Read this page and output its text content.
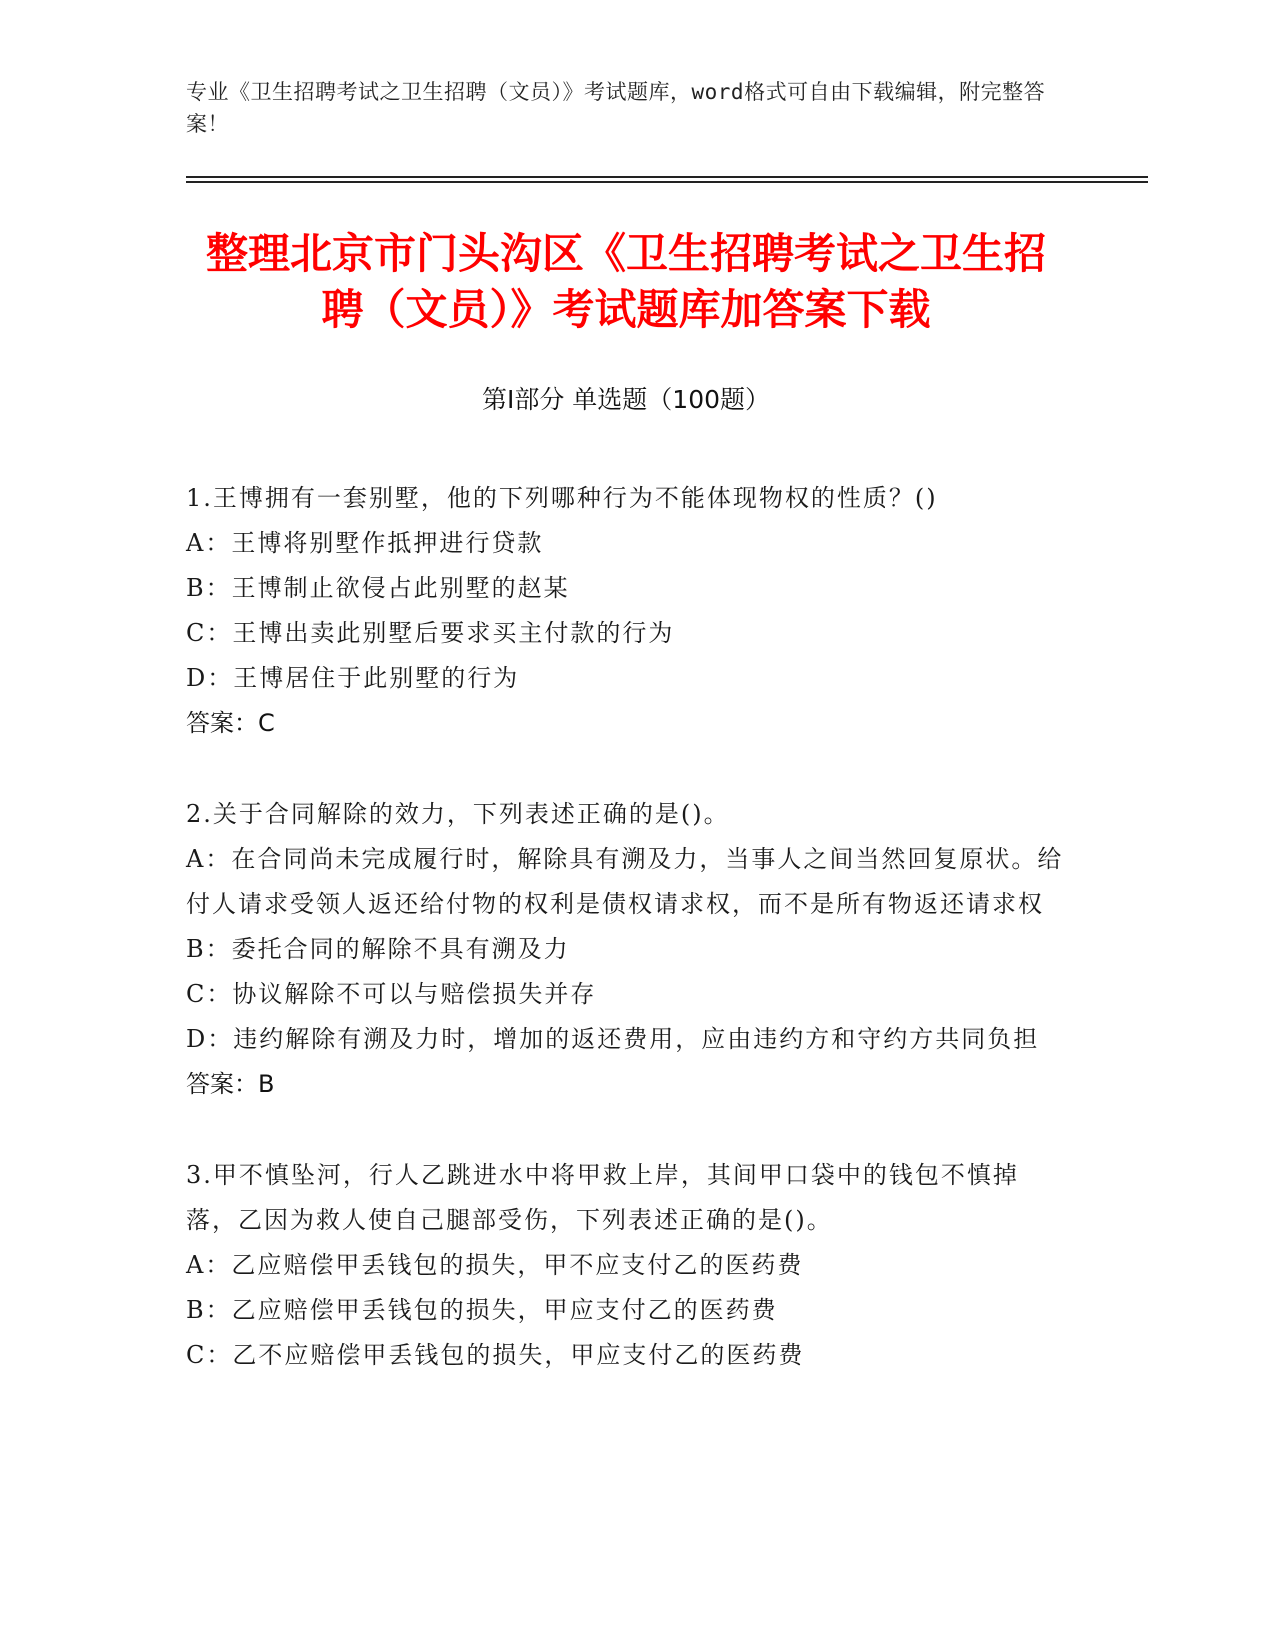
专业《卫生招聘考试之卫生招聘（文员）》考试题库，word格式可自由下载编辑，附完整答案！
整理北京市门头沟区《卫生招聘考试之卫生招聘（文员）》考试题库加答案下载
第Ⅰ部分 单选题（100题）
1.王博拥有一套别墅，他的下列哪种行为不能体现物权的性质？()
A：王博将别墅作抵押进行贷款
B：王博制止欲侵占此别墅的赵某
C：王博出卖此别墅后要求买主付款的行为
D：王博居住于此别墅的行为
答案：C
2.关于合同解除的效力，下列表述正确的是()。
A：在合同尚未完成履行时，解除具有溯及力，当事人之间当然回复原状。给付人请求受领人返还给付物的权利是债权请求权，而不是所有物返还请求权
B：委托合同的解除不具有溯及力
C：协议解除不可以与赔偿损失并存
D：违约解除有溯及力时，增加的返还费用，应由违约方和守约方共同负担
答案：B
3.甲不慎坠河，行人乙跳进水中将甲救上岸，其间甲口袋中的钱包不慎掉落，乙因为救人使自己腿部受伤，下列表述正确的是()。
A：乙应赔偿甲丢钱包的损失，甲不应支付乙的医药费
B：乙应赔偿甲丢钱包的损失，甲应支付乙的医药费
C：乙不应赔偿甲丢钱包的损失，甲应支付乙的医药费
